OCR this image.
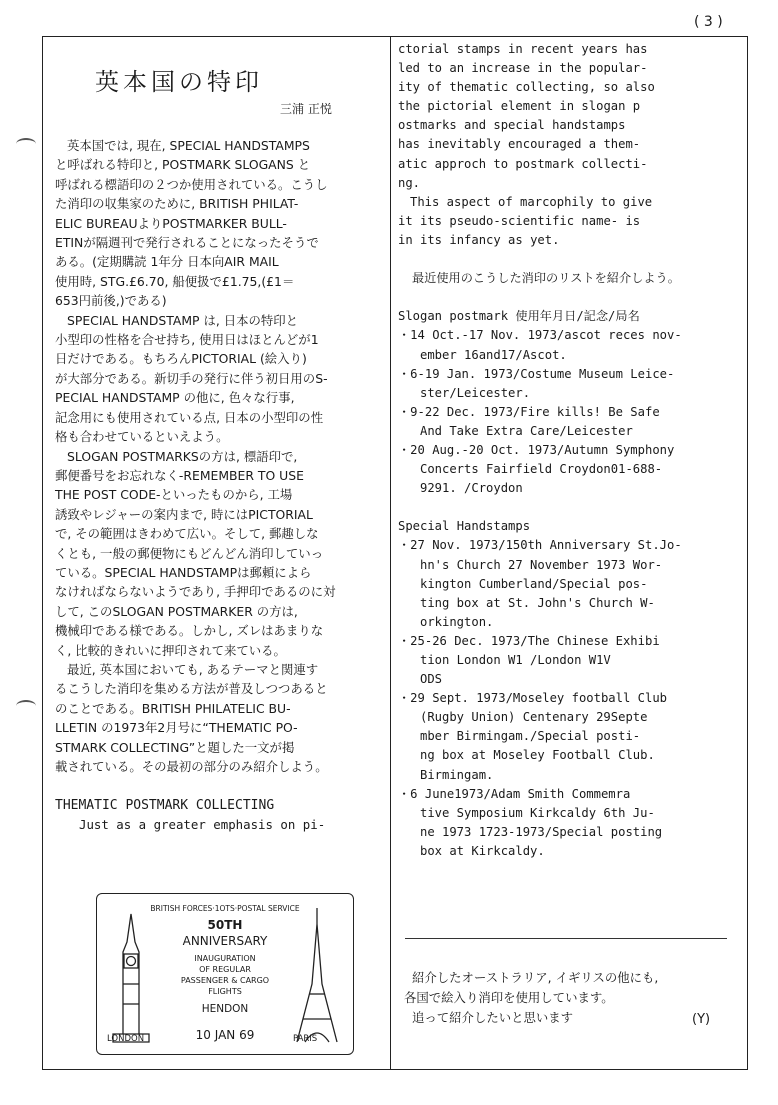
( 3 )
英本国の特印
三浦 正悦
英本国では, 現在, SPECIAL HANDSTAMPS
と呼ばれる特印と, POSTMARK SLOGANS と
呼ばれる標語印の２つか使用されている。こうし
た消印の収集家のために, BRITISH PHILAT-
ELIC BUREAUよりPOSTMARKER BULL-
ETINが隔週刊で発行されることになったそうで
ある。(定期購読 1年分 日本向AIR MAIL
使用時, STG.£6.70, 船便扱で£1.75,(£1＝
653円前後,)である)
SPECIAL HANDSTAMP は, 日本の特印と
小型印の性格を合せ持ち, 使用日はほとんどが1
日だけである。もちろんPICTORIAL (絵入り)
が大部分である。新切手の発行に伴う初日用のS-
PECIAL HANDSTAMP の他に, 色々な行事,
記念用にも使用されている点, 日本の小型印の性
格も合わせているといえよう。
SLOGAN POSTMARKSの方は, 標語印で,
郵便番号をお忘れなく-REMEMBER TO USE
THE POST CODE-といったものから, 工場
誘致やレジャーの案内まで, 時にはPICTORIAL
で, その範囲はきわめて広い。そして, 郵趣しな
くとも, 一般の郵便物にもどんどん消印していっ
ている。SPECIAL HANDSTAMPは郵頼によら
なければならないようであり, 手押印であるのに対
して, このSLOGAN POSTMARKER の方は,
機械印である様である。しかし, ズレはあまりな
く, 比較的きれいに押印されて来ている。
最近, 英本国においても, あるテーマと関連す
るこうした消印を集める方法が普及しつつあると
のことである。BRITISH PHILATELIC BU-
LLETIN の1973年2月号に“THEMATIC PO-
STMARK COLLECTING”と題した一文が掲
載されている。その最初の部分のみ紹介しよう。

THEMATIC POSTMARK COLLECTING
Just as a greater emphasis on pi-
BRITISH FORCES·1OTS·POSTAL SERVICE
50TH
ANNIVERSARY
INAUGURATION
OF REGULAR
PASSENGER & CARGO
FLIGHTS
HENDON
LONDON	10 JAN 69	PARIS
ctorial stamps in recent years has
led to an increase in the popular-
ity of thematic collecting, so also
the pictorial element in slogan p
ostmarks and special handstamps
has inevitably encouraged a them-
atic approch to postmark collecti-
ng.
This aspect of marcophily to give
it its pseudo-scientific name- is
in its infancy as yet.

最近使用のこうした消印のリストを紹介しよう。

Slogan postmark 使用年月日/記念/局名
・14 Oct.-17 Nov. 1973/ascot reces nov-
ember 16and17/Ascot.
・6-19 Jan. 1973/Costume Museum Leice-
ster/Leicester.
・9-22 Dec. 1973/Fire kills! Be Safe
And Take Extra Care/Leicester
・20 Aug.-20 Oct. 1973/Autumn Symphony
Concerts Fairfield Croydon01-688-
9291. /Croydon

Special Handstamps
・27 Nov. 1973/150th Anniversary St.Jo-
hn's Church 27 November 1973 Wor-
kington Cumberland/Special pos-
ting box at St. John's Church W-
orkington.
・25-26 Dec. 1973/The Chinese Exhibi
tion London W1 /London W1V
ODS
・29 Sept. 1973/Moseley football Club
(Rugby Union) Centenary 29Septe
mber Birmingam./Special posti-
ng box at Moseley Football Club.
Birmingam.
・6 June1973/Adam Smith Commemra
tive Symposium Kirkcaldy 6th Ju-
ne 1973 1723-1973/Special posting
box at Kirkcaldy.
紹介したオーストラリア, イギリスの他にも,
各国で絵入り消印を使用しています。
追って紹介したいと思います	(Y)
